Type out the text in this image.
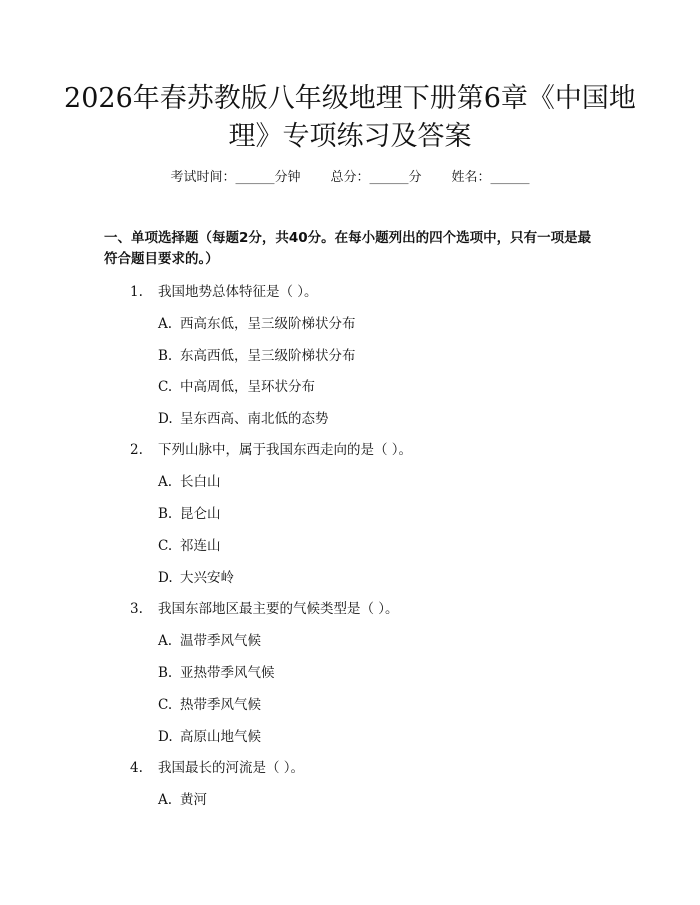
2026年春苏教版八年级地理下册第6章《中国地理》专项练习及答案
考试时间：______分钟 总分：______分 姓名：______

一、单项选择题（每题2分，共40分。在每小题列出的四个选项中，只有一项是最符合题目要求的。）

1. 我国地势总体特征是（ ）。
A. 西高东低，呈三级阶梯状分布
B. 东高西低，呈三级阶梯状分布
C. 中高周低，呈环状分布
D. 呈东西高、南北低的态势
2. 下列山脉中，属于我国东西走向的是（ ）。
A. 长白山
B. 昆仑山
C. 祁连山
D. 大兴安岭
3. 我国东部地区最主要的气候类型是（ ）。
A. 温带季风气候
B. 亚热带季风气候
C. 热带季风气候
D. 高原山地气候
4. 我国最长的河流是（ ）。
A. 黄河
